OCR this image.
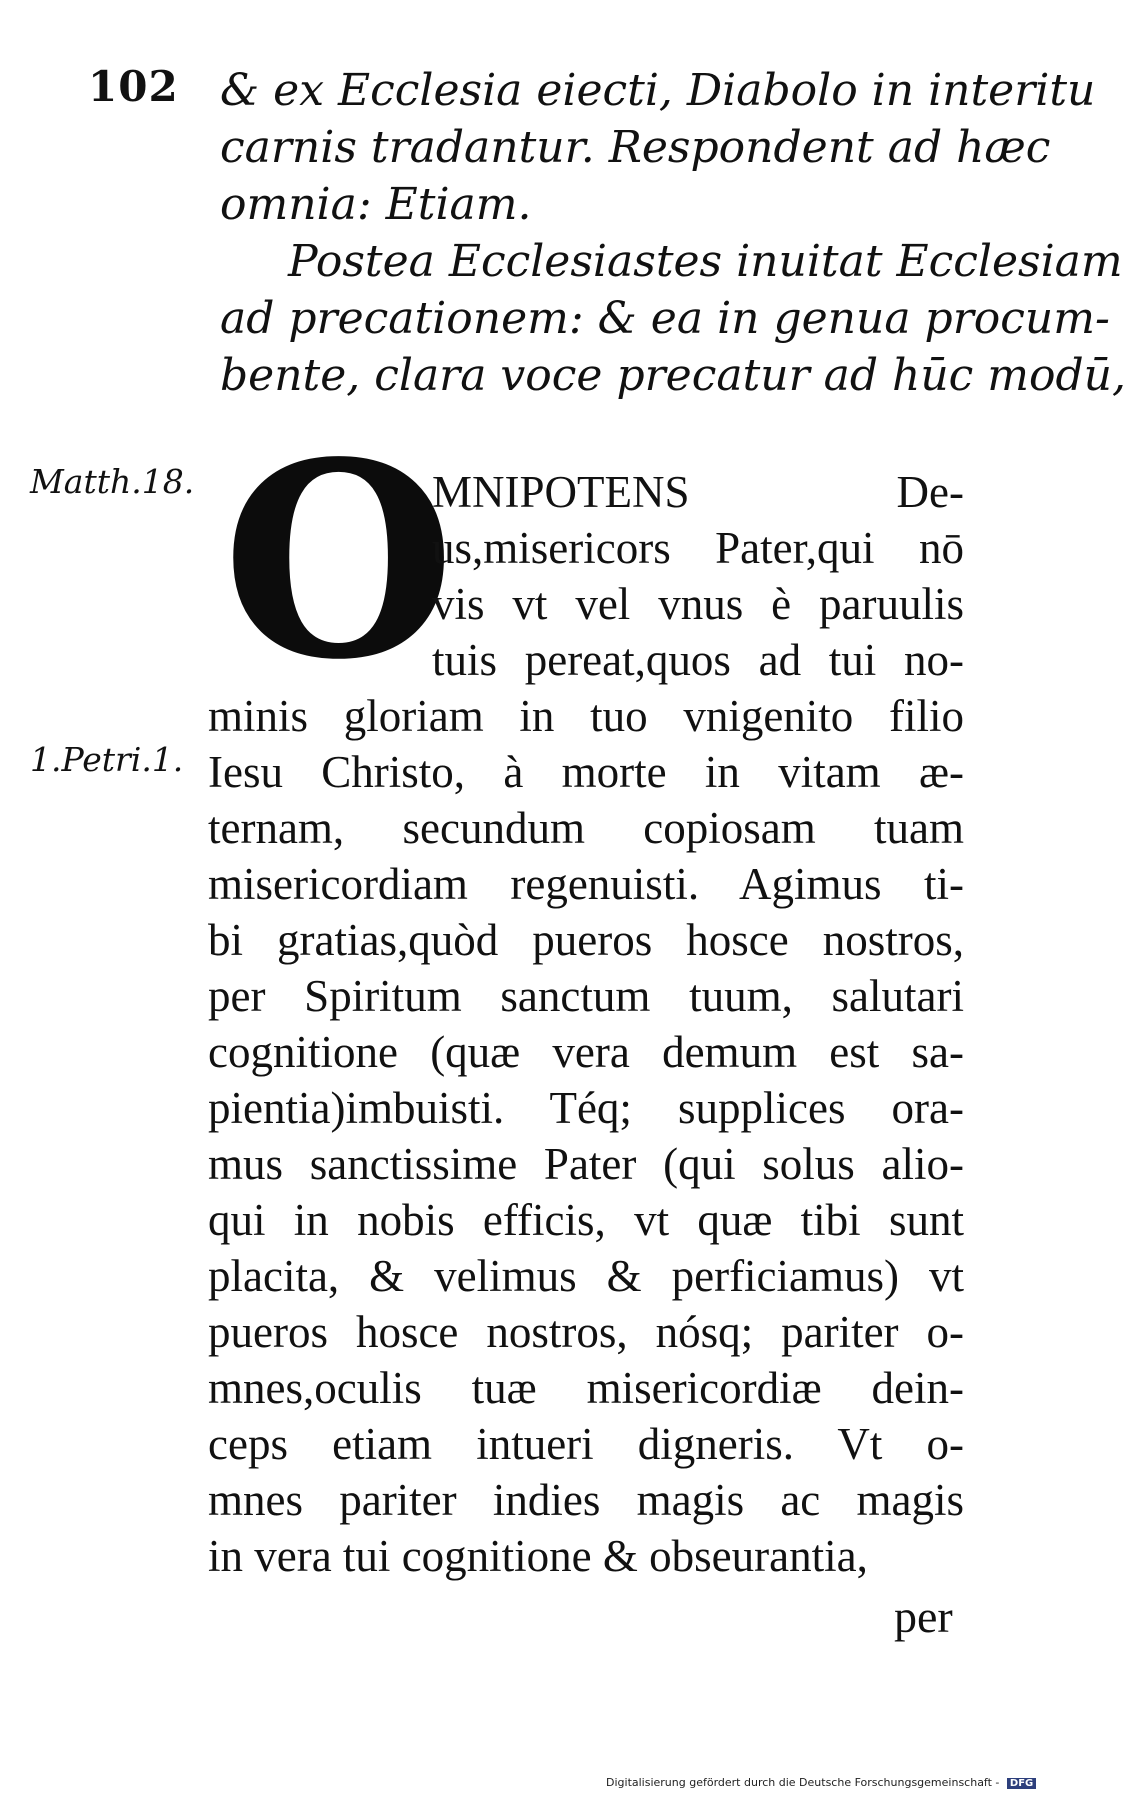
102 & ex Ecclesia eiecti, Diabolo in interitu
carnis tradantur. Respondent ad hæc
omnia: Etiam.
Postea Ecclesiastes inuitat Ecclesiam
ad precationem: & ea in genua procum-
bente, clara voce precatur ad hūc modū,
Matth.18.
1.Petri.1.
O
MNIPOTENS De-
us,misericors Pater,qui nō
vis vt vel vnus è paruulis
tuis pereat,quos ad tui no-
minis gloriam in tuo vnigenito filio
Iesu Christo, à morte in vitam æ-
ternam, secundum copiosam tuam
misericordiam regenuisti. Agimus ti-
bi gratias,quòd pueros hosce nostros,
per Spiritum sanctum tuum, salutari
cognitione (quæ vera demum est sa-
pientia)imbuisti. Téq; supplices ora-
mus sanctissime Pater (qui solus alio-
qui in nobis efficis, vt quæ tibi sunt
placita, & velimus & perficiamus) vt
pueros hosce nostros, nósq; pariter o-
mnes,oculis tuæ misericordiæ dein-
ceps etiam intueri digneris. Vt o-
mnes pariter indies magis ac magis
in vera tui cognitione & obseurantia,
per
Digitalisierung gefördert durch die Deutsche Forschungsgemeinschaft - DFG
